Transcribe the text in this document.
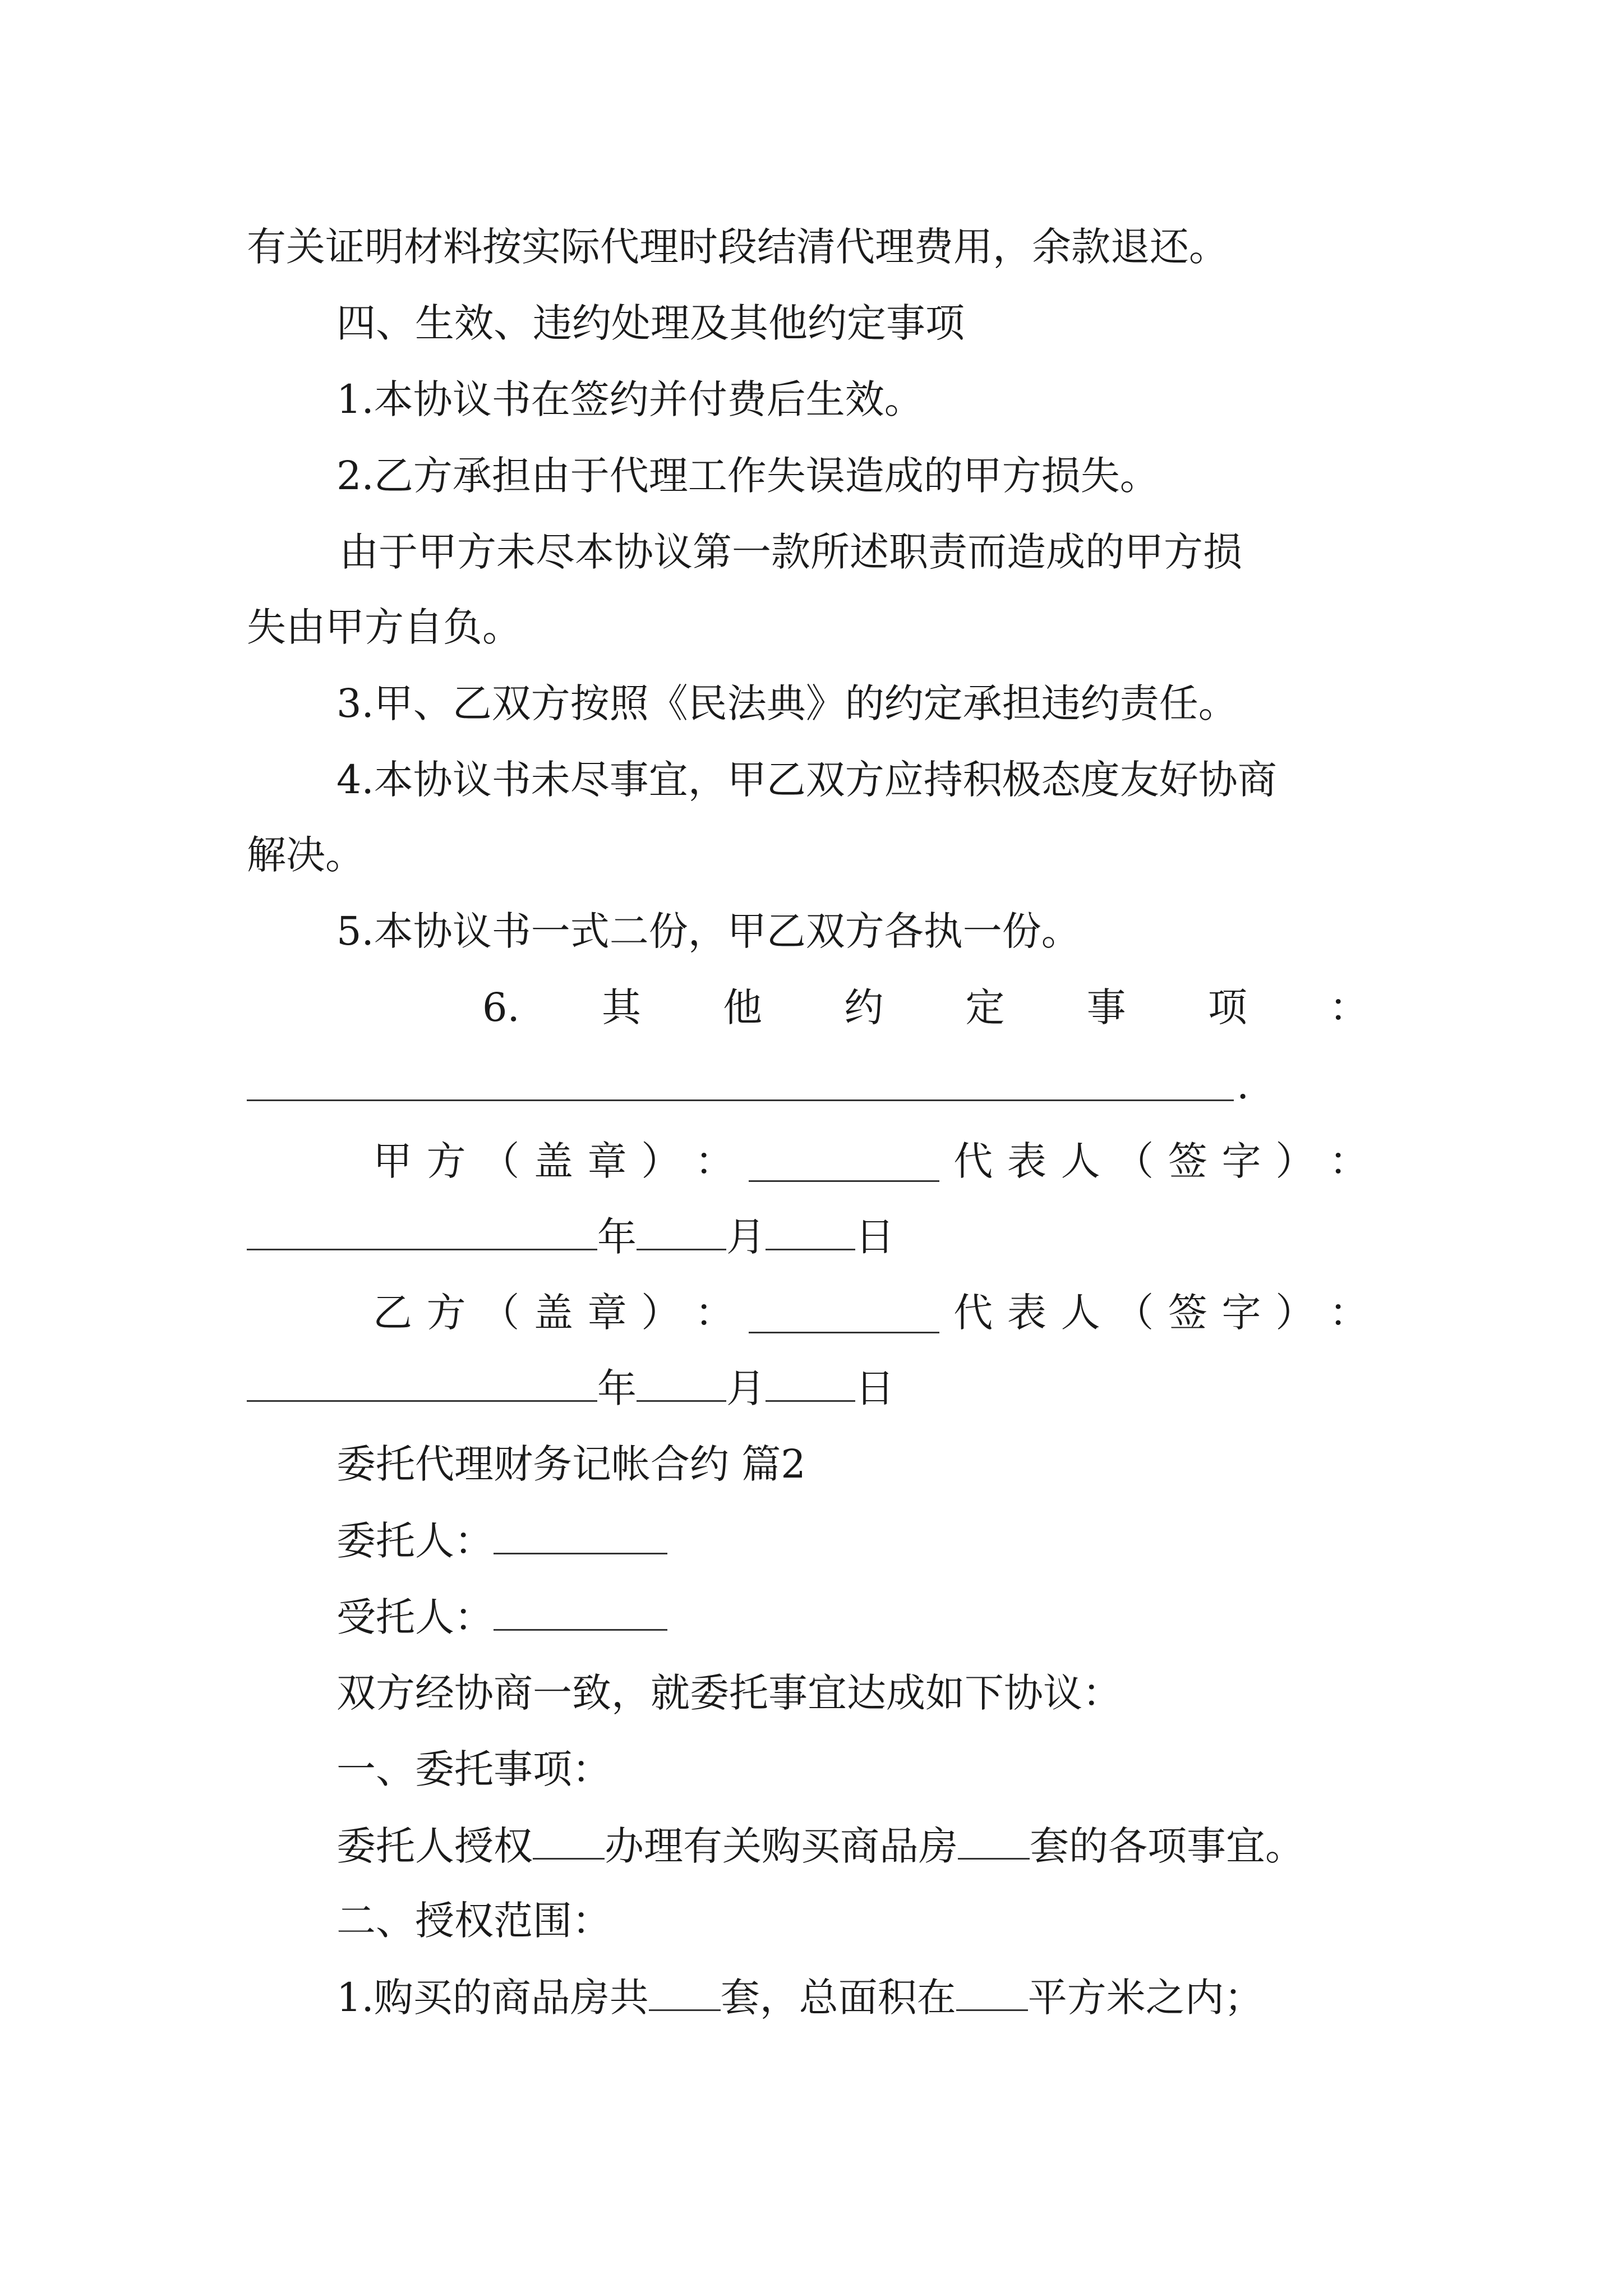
有关证明材料按实际代理时段结清代理费用，余款退还。
四、生效、违约处理及其他约定事项
1.本协议书在签约并付费后生效。
2.乙方承担由于代理工作失误造成的甲方损失。
由于甲方未尽本协议第一款所述职责而造成的甲方损
失由甲方自负。
3.甲、乙双方按照《民法典》的约定承担违约责任。
4.本协议书未尽事宜，甲乙双方应持积极态度友好协商
解决。
5.本协议书一式二份，甲乙双方各执一份。
6. 其 他 约 定 事 项 ：
.
甲 方 （ 盖 章 ） ：	代 表 人 （ 签 字 ） ：
年 月 日
乙 方 （ 盖 章 ） ：	代 表 人 （ 签 字 ） ：
年 月 日
委托代理财务记帐合约 篇2
委托人：
受托人：
双方经协商一致，就委托事宜达成如下协议：
一、委托事项：
委托人授权 办理有关购买商品房 套的各项事宜。
二、授权范围：
1.购买的商品房共 套，总面积在 平方米之内；
